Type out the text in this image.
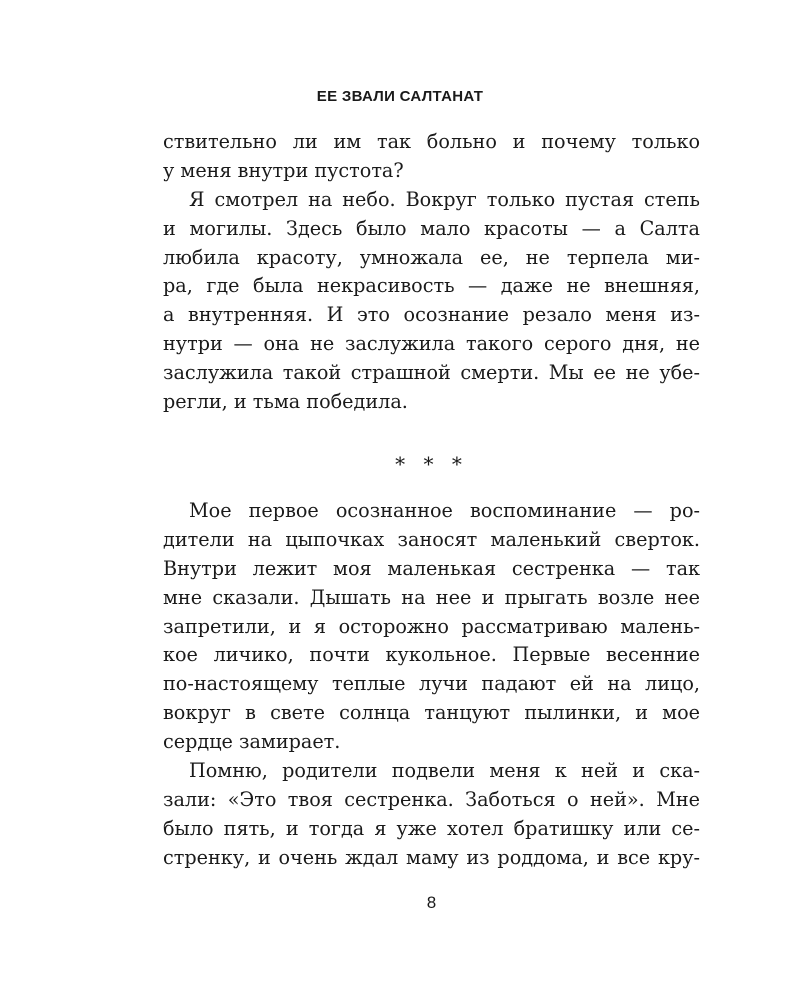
ЕЕ ЗВАЛИ САЛТАНАТ
ствительно ли им так больно и почему только
у меня внутри пустота?
Я смотрел на небо. Вокруг только пустая степь
и могилы. Здесь было мало красоты — а Салта
любила красоту, умножала ее, не терпела ми-
ра, где была некрасивость — даже не внешняя,
а внутренняя. И это осознание резало меня из-
нутри — она не заслужила такого серого дня, не
заслужила такой страшной смерти. Мы ее не убе-
регли, и тьма победила.
* * *
Мое первое осознанное воспоминание — ро-
дители на цыпочках заносят маленький сверток.
Внутри лежит моя маленькая сестренка — так
мне сказали. Дышать на нее и прыгать возле нее
запретили, и я осторожно рассматриваю малень-
кое личико, почти кукольное. Первые весенние
по-настоящему теплые лучи падают ей на лицо,
вокруг в свете солнца танцуют пылинки, и мое
сердце замирает.
Помню, родители подвели меня к ней и ска-
зали: «Это твоя сестренка. Заботься о ней». Мне
было пять, и тогда я уже хотел братишку или се-
стренку, и очень ждал маму из роддома, и все кру-
8
